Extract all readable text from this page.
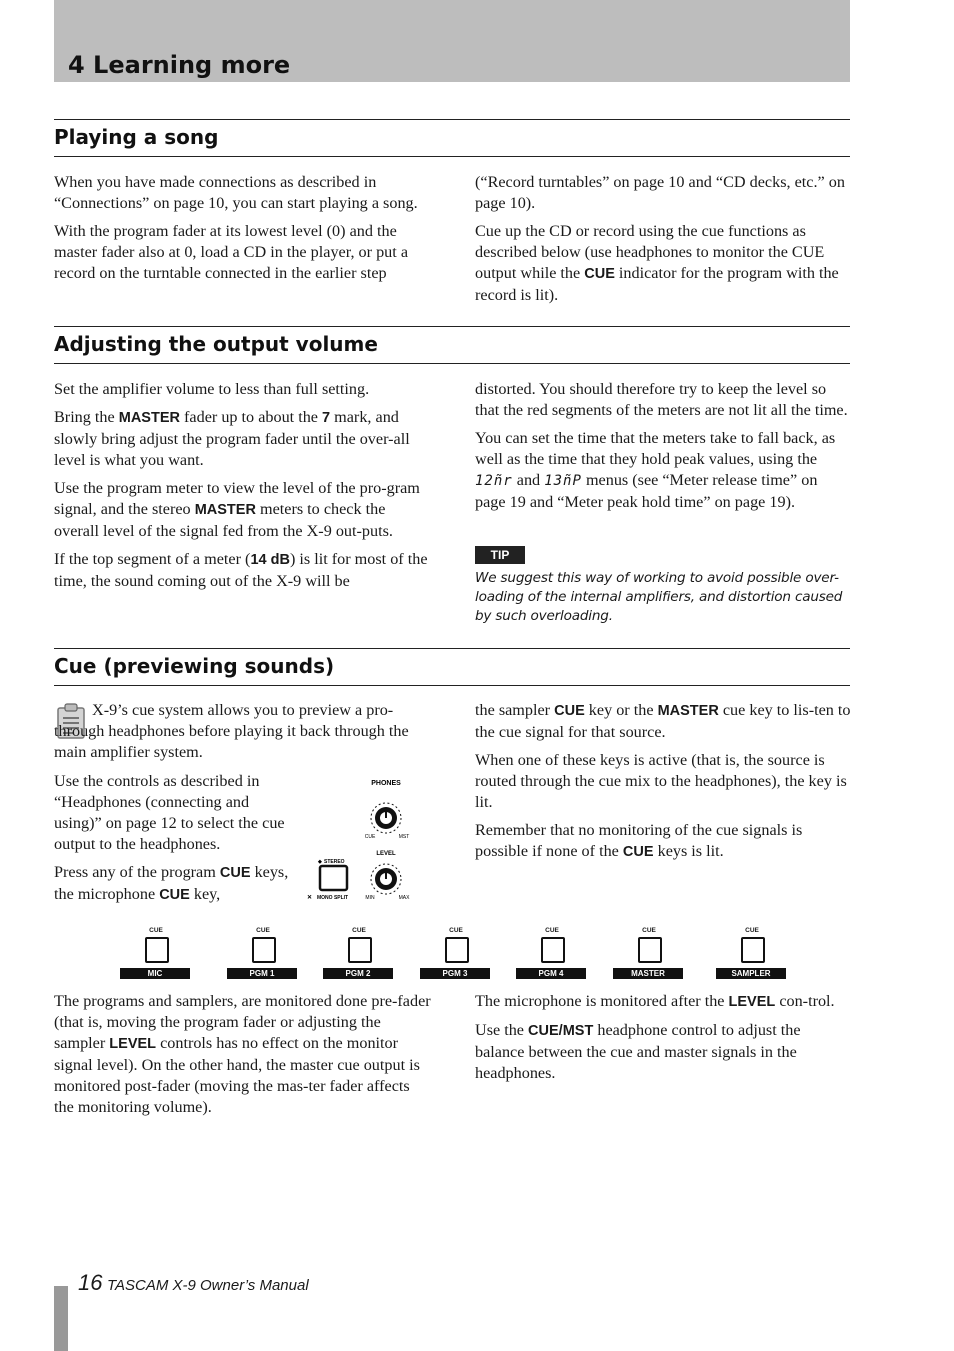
4 Learning more
Playing a song

When you have made connections as described in “Connections” on page 10, you can start playing a song.

With the program fader at its lowest level (0) and the master fader also at 0, load a CD in the player, or put a record on the turntable connected in the earlier step

(“Record turntables” on page 10 and “CD decks, etc.” on page 10).

Cue up the CD or record using the cue functions as described below (use headphones to monitor the CUE output while the CUE indicator for the program with the record is lit).

Adjusting the output volume

Set the amplifier volume to less than full setting.

Bring the MASTER fader up to about the 7 mark, and slowly bring adjust the program fader until the over-all level is what you want.

Use the program meter to view the level of the pro-gram signal, and the stereo MASTER meters to check the overall level of the signal fed from the X-9 out-puts.

If the top segment of a meter (14 dB) is lit for most of the time, the sound coming out of the X-9 will be

distorted. You should therefore try to keep the level so that the red segments of the meters are not lit all the time.

You can set the time that the meters take to fall back, as well as the time that they hold peak values, using the 12ñr and 13ñP menus (see “Meter release time” on page 19 and “Meter peak hold time” on page 19).

TIP
We suggest this way of working to avoid possible over-loading of the internal amplifiers, and distortion caused by such overloading.
Cue (previewing sounds)

X-9’s cue system allows you to preview a pro- through headphones before playing it back through the main amplifier system.

Use the controls as described in “Headphones (connecting and using)” on page 12 to select the cue output to the headphones.

Press any of the program CUE keys, the microphone CUE key,

PHONES
CUE	MST
LEVEL
MIN	MAX
◆ STEREO
✕ MONO SPLIT

the sampler CUE key or the MASTER cue key to lis-ten to the cue signal for that source.

When one of these keys is active (that is, the source is routed through the cue mix to the headphones), the key is lit.

Remember that no monitoring of the cue signals is possible if none of the CUE keys is lit.

CUE
MIC
CUE
PGM 1
CUE
PGM 2
CUE
PGM 3
CUE
PGM 4
CUE
MASTER
CUE
SAMPLER

The programs and samplers, are monitored done pre-fader (that is, moving the program fader or adjusting the sampler LEVEL controls has no effect on the monitor signal level). On the other hand, the master cue output is monitored post-fader (moving the mas-ter fader affects the monitoring volume).

The microphone is monitored after the LEVEL con-trol.

Use the CUE/MST headphone control to adjust the balance between the cue and master signals in the headphones.

16 TASCAM X-9 Owner’s Manual
